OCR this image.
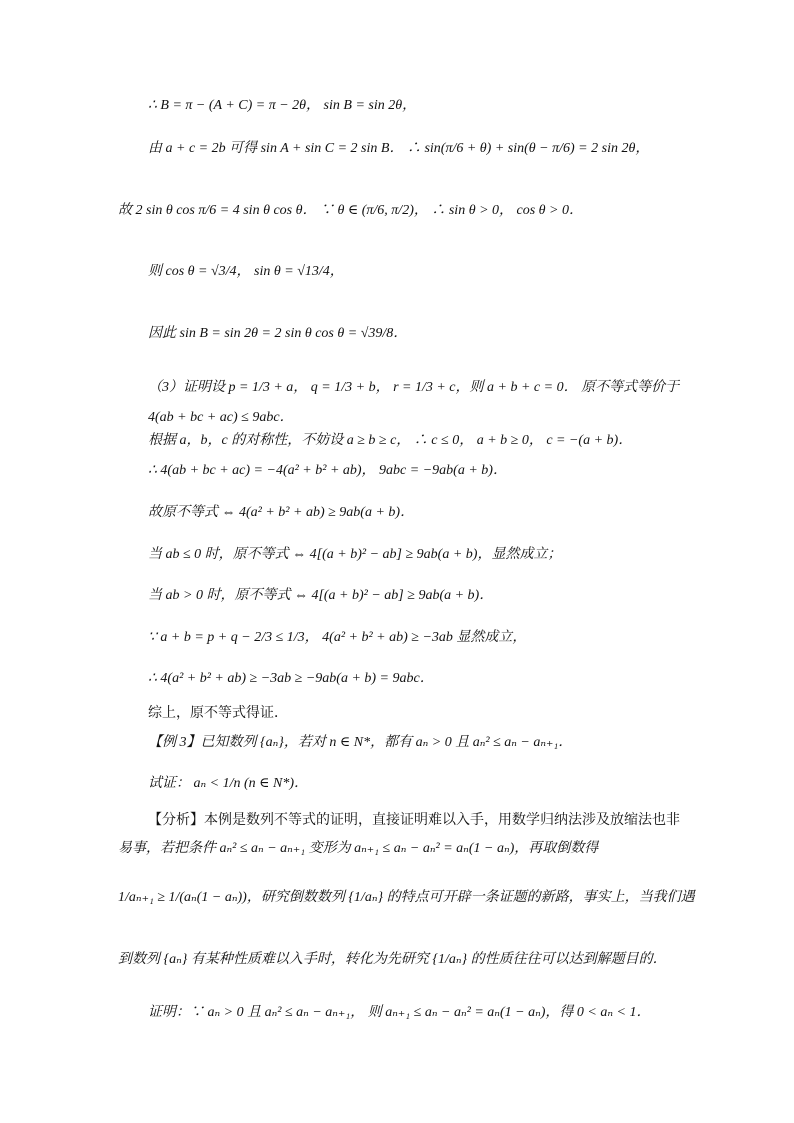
∴ B = π − (A + C) = π − 2θ， sin B = sin 2θ，
由 a + c = 2b 可得 sin A + sin C = 2 sin B． ∴ sin(π/6 + θ) + sin(θ − π/6) = 2 sin 2θ，
故 2 sin θ cos π/6 = 4 sin θ cos θ． ∵ θ ∈ (π/6, π/2)， ∴ sin θ > 0， cos θ > 0．
则 cos θ = √3/4， sin θ = √13/4，
因此 sin B = sin 2θ = 2 sin θ cos θ = √39/8．
（3）证明设 p = 1/3 + a， q = 1/3 + b， r = 1/3 + c，则 a + b + c = 0． 原不等式等价于
4(ab + bc + ac) ≤ 9abc．
根据 a，b，c 的对称性，不妨设 a ≥ b ≥ c， ∴ c ≤ 0， a + b ≥ 0， c = −(a + b)．
∴ 4(ab + bc + ac) = −4(a² + b² + ab)， 9abc = −9ab(a + b)．
故原不等式 ⇔ 4(a² + b² + ab) ≥ 9ab(a + b)．
当 ab ≤ 0 时，原不等式 ⇔ 4[(a + b)² − ab] ≥ 9ab(a + b)，显然成立；
当 ab > 0 时，原不等式 ⇔ 4[(a + b)² − ab] ≥ 9ab(a + b)．
∵ a + b = p + q − 2/3 ≤ 1/3， 4(a² + b² + ab) ≥ −3ab 显然成立，
∴ 4(a² + b² + ab) ≥ −3ab ≥ −9ab(a + b) = 9abc．
综上，原不等式得证．
【例 3】已知数列 {aₙ}，若对 n ∈ N*，都有 aₙ > 0 且 aₙ² ≤ aₙ − aₙ₊₁．
试证： aₙ < 1/n (n ∈ N*)．
【分析】本例是数列不等式的证明，直接证明难以入手，用数学归纳法涉及放缩法也非
易事，若把条件 aₙ² ≤ aₙ − aₙ₊₁ 变形为 aₙ₊₁ ≤ aₙ − aₙ² = aₙ(1 − aₙ)，再取倒数得
1/aₙ₊₁ ≥ 1/(aₙ(1 − aₙ))，研究倒数数列 {1/aₙ} 的特点可开辟一条证题的新路，事实上，当我们遇
到数列 {aₙ} 有某种性质难以入手时，转化为先研究 {1/aₙ} 的性质往往可以达到解题目的．
证明：∵ aₙ > 0 且 aₙ² ≤ aₙ − aₙ₊₁， 则 aₙ₊₁ ≤ aₙ − aₙ² = aₙ(1 − aₙ)，得 0 < aₙ < 1．
